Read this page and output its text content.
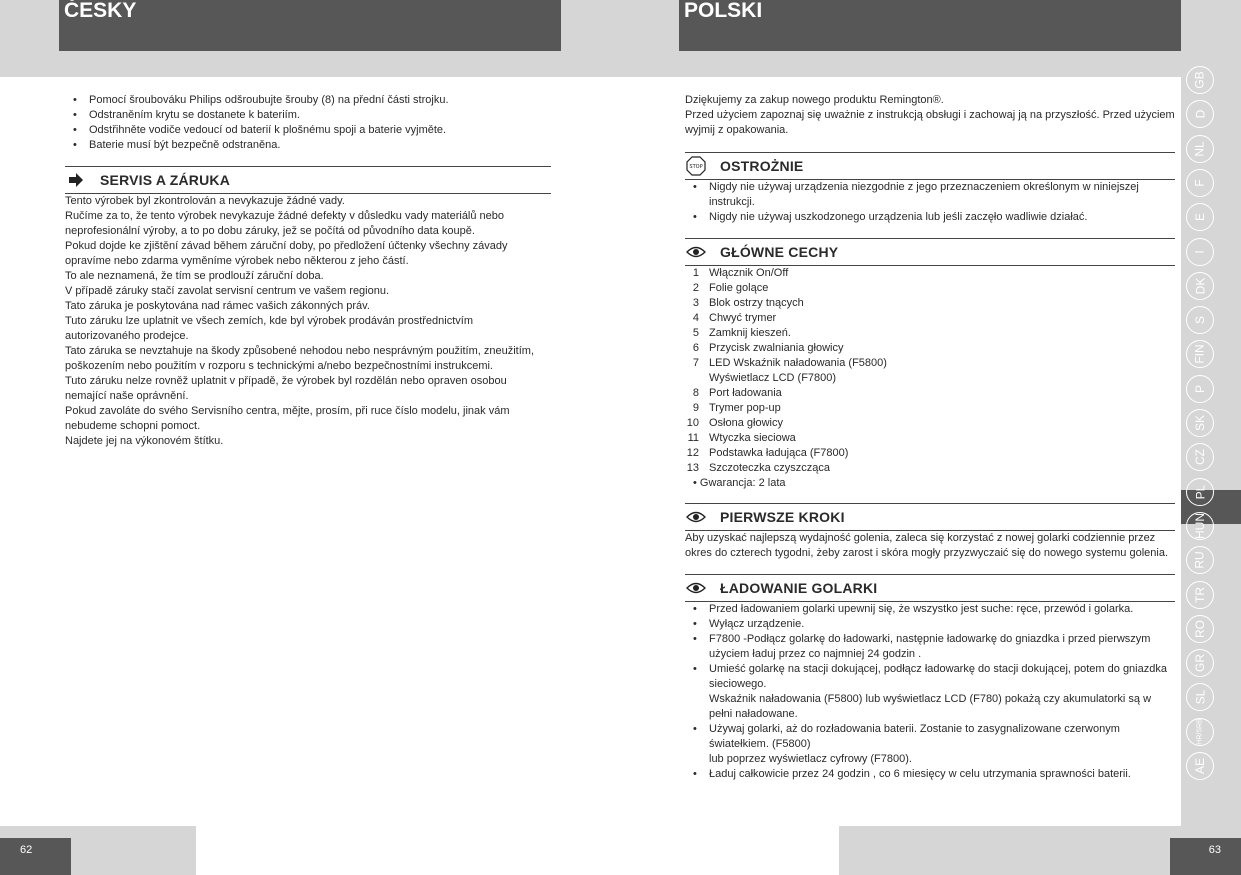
ČESKY	POLSKI
GB
D
NL
F
E
I
DK
S
FIN
P
SK
CZ
PL
HUN
RU
TR
RO
GR
SL
HR/SRB
AE
62	63
• Pomocí šroubováku Philips odšroubujte šrouby (8) na přední části strojku.
• Odstraněním krytu se dostanete k bateriím.
• Odstřihněte vodiče vedoucí od baterií k plošnému spoji a baterie vyjměte.
• Baterie musí být bezpečně odstraněna.
SERVIS A ZÁRUKA

Tento výrobek byl zkontrolován a nevykazuje žádné vady.

Ručíme za to, že tento výrobek nevykazuje žádné defekty v důsledku vady materiálů nebo neprofesionální výroby, a to po dobu záruky, jež se počítá od původního data koupě.

Pokud dojde ke zjištění závad během záruční doby, po předložení účtenky všechny závady opravíme nebo zdarma vyměníme výrobek nebo některou z jeho částí.

To ale neznamená, že tím se prodlouží záruční doba.

V případě záruky stačí zavolat servisní centrum ve vašem regionu.

Tato záruka je poskytována nad rámec vašich zákonných práv.

Tuto záruku lze uplatnit ve všech zemích, kde byl výrobek prodáván prostřednictvím autorizovaného prodejce.

Tato záruka se nevztahuje na škody způsobené nehodou nebo nesprávným použitím, zneužitím, poškozením nebo použitím v rozporu s technickými a/nebo bezpečnostními instrukcemi.

Tuto záruku nelze rovněž uplatnit v případě, že výrobek byl rozdělán nebo opraven osobou nemající naše oprávnění.

Pokud zavoláte do svého Servisního centra, mějte, prosím, při ruce číslo modelu, jinak vám nebudeme schopni pomoct.

Najdete jej na výkonovém štítku.

Dziękujemy za zakup nowego produktu Remington®.

Przed użyciem zapoznaj się uważnie z instrukcją obsługi i zachowaj ją na przyszłość. Przed użyciem wyjmij z opakowania.

STOP OSTROŻNIE
• Nigdy nie używaj urządzenia niezgodnie z jego przeznaczeniem określonym w niniejszej instrukcji.
• Nigdy nie używaj uszkodzonego urządzenia lub jeśli zaczęło wadliwie działać.
GŁÓWNE CECHY
1 Włącznik On/Off
2 Folie golące
3 Blok ostrzy tnących
4 Chwyć trymer
5 Zamknij kieszeń.
6 Przycisk zwalniania głowicy
7 LED Wskaźnik naładowania (F5800)
Wyświetlacz LCD (F7800)
8 Port ładowania
9 Trymer pop-up
10 Osłona głowicy
11 Wtyczka sieciowa
12 Podstawka ładująca (F7800)
13 Szczoteczka czyszcząca
• Gwarancja: 2 lata
PIERWSZE KROKI

Aby uzyskać najlepszą wydajność golenia, zaleca się korzystać z nowej golarki codziennie przez okres do czterech tygodni, żeby zarost i skóra mogły przyzwyczaić się do nowego systemu golenia.

ŁADOWANIE GOLARKI
• Przed ładowaniem golarki upewnij się, że wszystko jest suche: ręce, przewód i golarka.
• Wyłącz urządzenie.
• F7800 -Podłącz golarkę do ładowarki, następnie ładowarkę do gniazdka i przed pierwszym użyciem ładuj przez co najmniej 24 godzin .
• Umieść golarkę na stacji dokującej, podłącz ładowarkę do stacji dokującej, potem do gniazdka sieciowego.
Wskaźnik naładowania (F5800) lub wyświetlacz LCD (F780) pokażą czy akumulatorki są w pełni naładowane.
• Używaj golarki, aż do rozładowania baterii. Zostanie to zasygnalizowane czerwonym światełkiem. (F5800)
lub poprzez wyświetlacz cyfrowy (F7800).
• Ładuj całkowicie przez 24 godzin , co 6 miesięcy w celu utrzymania sprawności baterii.
